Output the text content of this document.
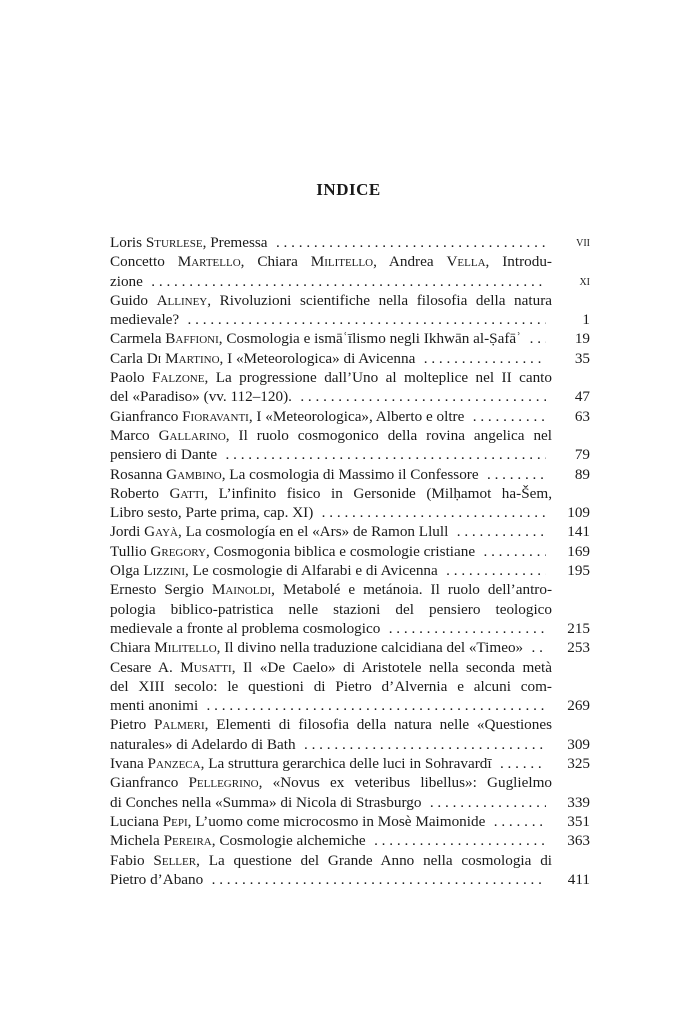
INDICE
Loris Sturlese, Premessa . . .	vii
Concetto Martello, Chiara Militello, Andrea Vella, Introdu-
zione . . .	xi
Guido Alliney, Rivoluzioni scientifiche nella filosofia della natura
medievale? . . .	1
Carmela Baffioni, Cosmologia e ismāʿīlismo negli Ikhwān al-Ṣafāʾ . . .	19
Carla Di Martino, I «Meteorologica» di Avicenna . . .	35
Paolo Falzone, La progressione dall’Uno al molteplice nel II canto
del «Paradiso» (vv. 112–120). . . .	47
Gianfranco Fioravanti, I «Meteorologica», Alberto e oltre . . .	63
Marco Gallarino, Il ruolo cosmogonico della rovina angelica nel
pensiero di Dante . . .	79
Rosanna Gambino, La cosmologia di Massimo il Confessore . . .	89
Roberto Gatti, L’infinito fisico in Gersonide (Milḥamot ha-Šem,
Libro sesto, Parte prima, cap. XI) . . .	109
Jordi Gayà, La cosmología en el «Ars» de Ramon Llull . . .	141
Tullio Gregory, Cosmogonia biblica e cosmologie cristiane . . .	169
Olga Lizzini, Le cosmologie di Alfarabi e di Avicenna . . .	195
Ernesto Sergio Mainoldi, Metabolé e metánoia. Il ruolo dell’antro-
pologia biblico-patristica nelle stazioni del pensiero teologico
medievale a fronte al problema cosmologico . . .	215
Chiara Militello, Il divino nella traduzione calcidiana del «Timeo» . . .	253
Cesare A. Musatti, Il «De Caelo» di Aristotele nella seconda metà
del XIII secolo: le questioni di Pietro d’Alvernia e alcuni com-
menti anonimi . . .	269
Pietro Palmeri, Elementi di filosofia della natura nelle «Questiones
naturales» di Adelardo di Bath . . .	309
Ivana Panzeca, La struttura gerarchica delle luci in Sohravardī . . .	325
Gianfranco Pellegrino, «Novus ex veteribus libellus»: Guglielmo
di Conches nella «Summa» di Nicola di Strasburgo . . .	339
Luciana Pepi, L’uomo come microcosmo in Mosè Maimonide . . .	351
Michela Pereira, Cosmologie alchemiche . . .	363
Fabio Seller, La questione del Grande Anno nella cosmologia di
Pietro d’Abano . . .	411
